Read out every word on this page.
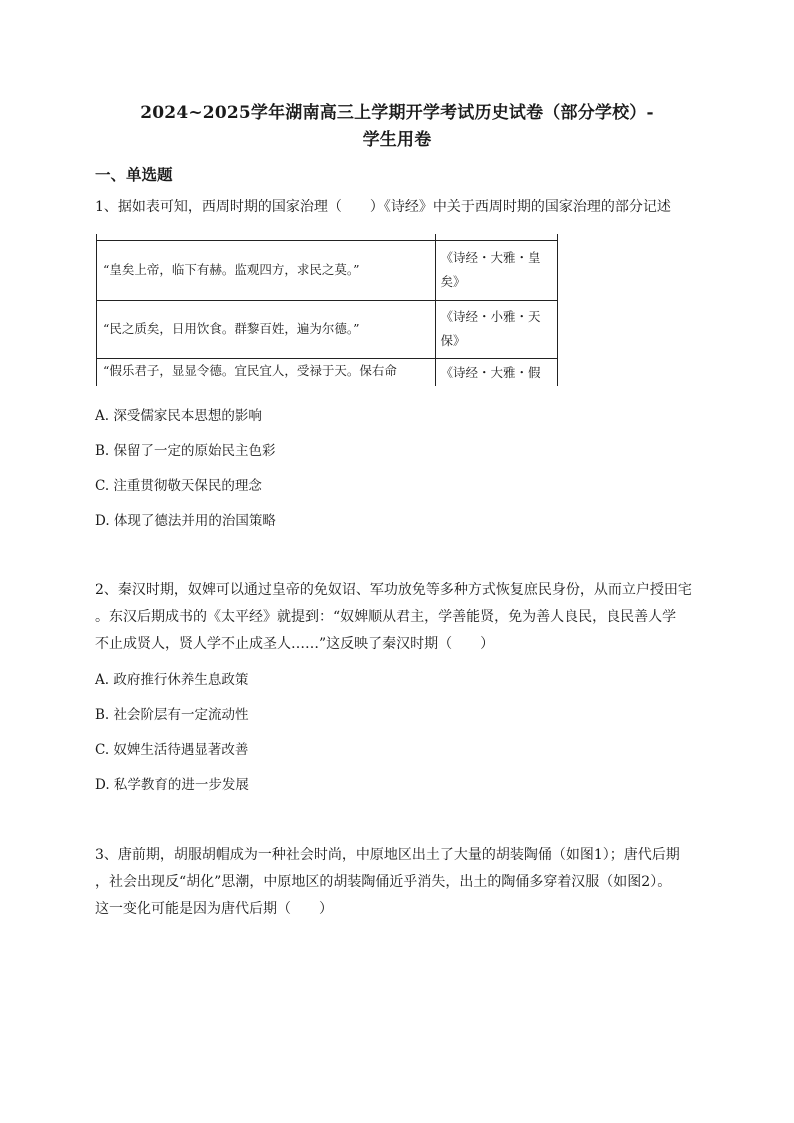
2024~2025学年湖南高三上学期开学考试历史试卷（部分学校）-
学生用卷
一、单选题
1、据如表可知，西周时期的国家治理（　　）《诗经》中关于西周时期的国家治理的部分记述

“皇矣上帝，临下有赫。监观四方，求民之莫。”	《诗经・大雅・皇矣》
“民之质矣，日用饮食。群黎百姓，遍为尔德。”	《诗经・小雅・天保》
“假乐君子，显显令德。宜民宜人，受禄于天。保右命	《诗经・大雅・假
A. 深受儒家民本思想的影响
B. 保留了一定的原始民主色彩
C. 注重贯彻敬天保民的理念
D. 体现了德法并用的治国策略
2、秦汉时期，奴婢可以通过皇帝的免奴诏、军功放免等多种方式恢复庶民身份，从而立户授田宅
。东汉后期成书的《太平经》就提到：“奴婢顺从君主，学善能贤，免为善人良民，良民善人学
不止成贤人，贤人学不止成圣人……”这反映了秦汉时期（　　）
A. 政府推行休养生息政策
B. 社会阶层有一定流动性
C. 奴婢生活待遇显著改善
D. 私学教育的进一步发展
3、唐前期，胡服胡帽成为一种社会时尚，中原地区出土了大量的胡装陶俑（如图1）；唐代后期
，社会出现反“胡化”思潮，中原地区的胡装陶俑近乎消失，出土的陶俑多穿着汉服（如图2）。
这一变化可能是因为唐代后期（　　）
